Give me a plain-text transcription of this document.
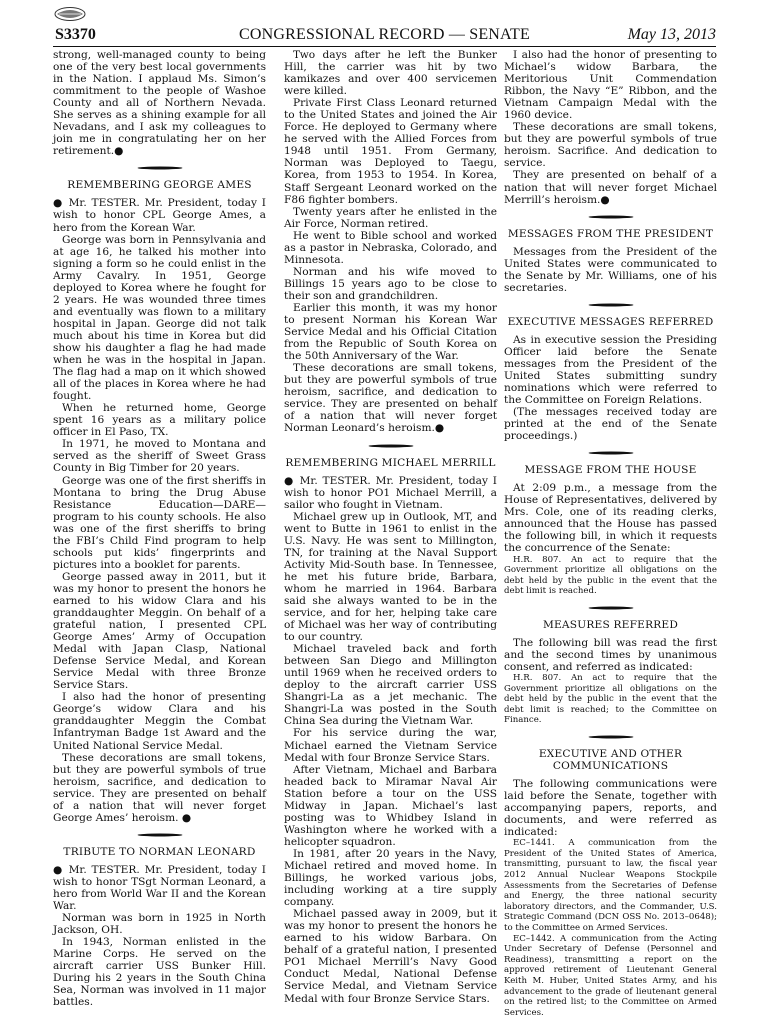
S3370	CONGRESSIONAL RECORD — SENATE	May 13, 2013

strong, well-managed county to being one of the very best local governments in the Nation. I applaud Ms. Simon’s commitment to the people of Washoe County and all of Northern Nevada. She serves as a shining example for all Nevadans, and I ask my colleagues to join me in congratulating her on her retirement.●

REMEMBERING GEORGE AMES

● Mr. TESTER. Mr. President, today I wish to honor CPL George Ames, a hero from the Korean War.

George was born in Pennsylvania and at age 16, he talked his mother into signing a form so he could enlist in the Army Cavalry. In 1951, George deployed to Korea where he fought for 2 years. He was wounded three times and eventually was flown to a military hospital in Japan. George did not talk much about his time in Korea but did show his daughter a flag he had made when he was in the hospital in Japan. The flag had a map on it which showed all of the places in Korea where he had fought.

When he returned home, George spent 16 years as a military police officer in El Paso, TX.

In 1971, he moved to Montana and served as the sheriff of Sweet Grass County in Big Timber for 20 years.

George was one of the first sheriffs in Montana to bring the Drug Abuse Resistance Education—DARE—program to his county schools. He also was one of the first sheriffs to bring the FBI’s Child Find program to help schools put kids’ fingerprints and pictures into a booklet for parents.

George passed away in 2011, but it was my honor to present the honors he earned to his widow Clara and his granddaughter Meggin. On behalf of a grateful nation, I presented CPL George Ames’ Army of Occupation Medal with Japan Clasp, National Defense Service Medal, and Korean Service Medal with three Bronze Service Stars.

I also had the honor of presenting George’s widow Clara and his granddaughter Meggin the Combat Infantryman Badge 1st Award and the United National Service Medal.

These decorations are small tokens, but they are powerful symbols of true heroism, sacrifice, and dedication to service. They are presented on behalf of a nation that will never forget George Ames’ heroism. ●

TRIBUTE TO NORMAN LEONARD

● Mr. TESTER. Mr. President, today I wish to honor TSgt Norman Leonard, a hero from World War II and the Korean War.

Norman was born in 1925 in North Jackson, OH.

In 1943, Norman enlisted in the Marine Corps. He served on the aircraft carrier USS Bunker Hill. During his 2 years in the South China Sea, Norman was involved in 11 major battles.

Two days after he left the Bunker Hill, the carrier was hit by two kamikazes and over 400 servicemen were killed.

Private First Class Leonard returned to the United States and joined the Air Force. He deployed to Germany where he served with the Allied Forces from 1948 until 1951. From Germany, Norman was Deployed to Taegu, Korea, from 1953 to 1954. In Korea, Staff Sergeant Leonard worked on the F86 fighter bombers.

Twenty years after he enlisted in the Air Force, Norman retired.

He went to Bible school and worked as a pastor in Nebraska, Colorado, and Minnesota.

Norman and his wife moved to Billings 15 years ago to be close to their son and grandchildren.

Earlier this month, it was my honor to present Norman his Korean War Service Medal and his Official Citation from the Republic of South Korea on the 50th Anniversary of the War.

These decorations are small tokens, but they are powerful symbols of true heroism, sacrifice, and dedication to service. They are presented on behalf of a nation that will never forget Norman Leonard’s heroism.●

REMEMBERING MICHAEL MERRILL

● Mr. TESTER. Mr. President, today I wish to honor PO1 Michael Merrill, a sailor who fought in Vietnam.

Michael grew up in Outlook, MT, and went to Butte in 1961 to enlist in the U.S. Navy. He was sent to Millington, TN, for training at the Naval Support Activity Mid-South base. In Tennessee, he met his future bride, Barbara, whom he married in 1964. Barbara said she always wanted to be in the service, and for her, helping take care of Michael was her way of contributing to our country.

Michael traveled back and forth between San Diego and Millington until 1969 when he received orders to deploy to the aircraft carrier USS Shangri-La as a jet mechanic. The Shangri-La was posted in the South China Sea during the Vietnam War.

For his service during the war, Michael earned the Vietnam Service Medal with four Bronze Service Stars.

After Vietnam, Michael and Barbara headed back to Miramar Naval Air Station before a tour on the USS Midway in Japan. Michael’s last posting was to Whidbey Island in Washington where he worked with a helicopter squadron.

In 1981, after 20 years in the Navy, Michael retired and moved home. In Billings, he worked various jobs, including working at a tire supply company.

Michael passed away in 2009, but it was my honor to present the honors he earned to his widow Barbara. On behalf of a grateful nation, I presented PO1 Michael Merrill’s Navy Good Conduct Medal, National Defense Service Medal, and Vietnam Service Medal with four Bronze Service Stars.

I also had the honor of presenting to Michael’s widow Barbara, the Meritorious Unit Commendation Ribbon, the Navy “E” Ribbon, and the Vietnam Campaign Medal with the 1960 device.

These decorations are small tokens, but they are powerful symbols of true heroism. Sacrifice. And dedication to service.

They are presented on behalf of a nation that will never forget Michael Merrill’s heroism.●

MESSAGES FROM THE PRESIDENT

Messages from the President of the United States were communicated to the Senate by Mr. Williams, one of his secretaries.

EXECUTIVE MESSAGES REFERRED

As in executive session the Presiding Officer laid before the Senate messages from the President of the United States submitting sundry nominations which were referred to the Committee on Foreign Relations.

(The messages received today are printed at the end of the Senate proceedings.)

MESSAGE FROM THE HOUSE

At 2:09 p.m., a message from the House of Representatives, delivered by Mrs. Cole, one of its reading clerks, announced that the House has passed the following bill, in which it requests the concurrence of the Senate:

H.R. 807. An act to require that the Government prioritize all obligations on the debt held by the public in the event that the debt limit is reached.

MEASURES REFERRED

The following bill was read the first and the second times by unanimous consent, and referred as indicated:

H.R. 807. An act to require that the Government prioritize all obligations on the debt held by the public in the event that the debt limit is reached; to the Committee on Finance.

EXECUTIVE AND OTHER
COMMUNICATIONS

The following communications were laid before the Senate, together with accompanying papers, reports, and documents, and were referred as indicated:

EC–1441. A communication from the President of the United States of America, transmitting, pursuant to law, the fiscal year 2012 Annual Nuclear Weapons Stockpile Assessments from the Secretaries of Defense and Energy, the three national security laboratory directors, and the Commander, U.S. Strategic Command (DCN OSS No. 2013–0648); to the Committee on Armed Services.

EC–1442. A communication from the Acting Under Secretary of Defense (Personnel and Readiness), transmitting a report on the approved retirement of Lieutenant General Keith M. Huber, United States Army, and his advancement to the grade of lieutenant general on the retired list; to the Committee on Armed Services.
